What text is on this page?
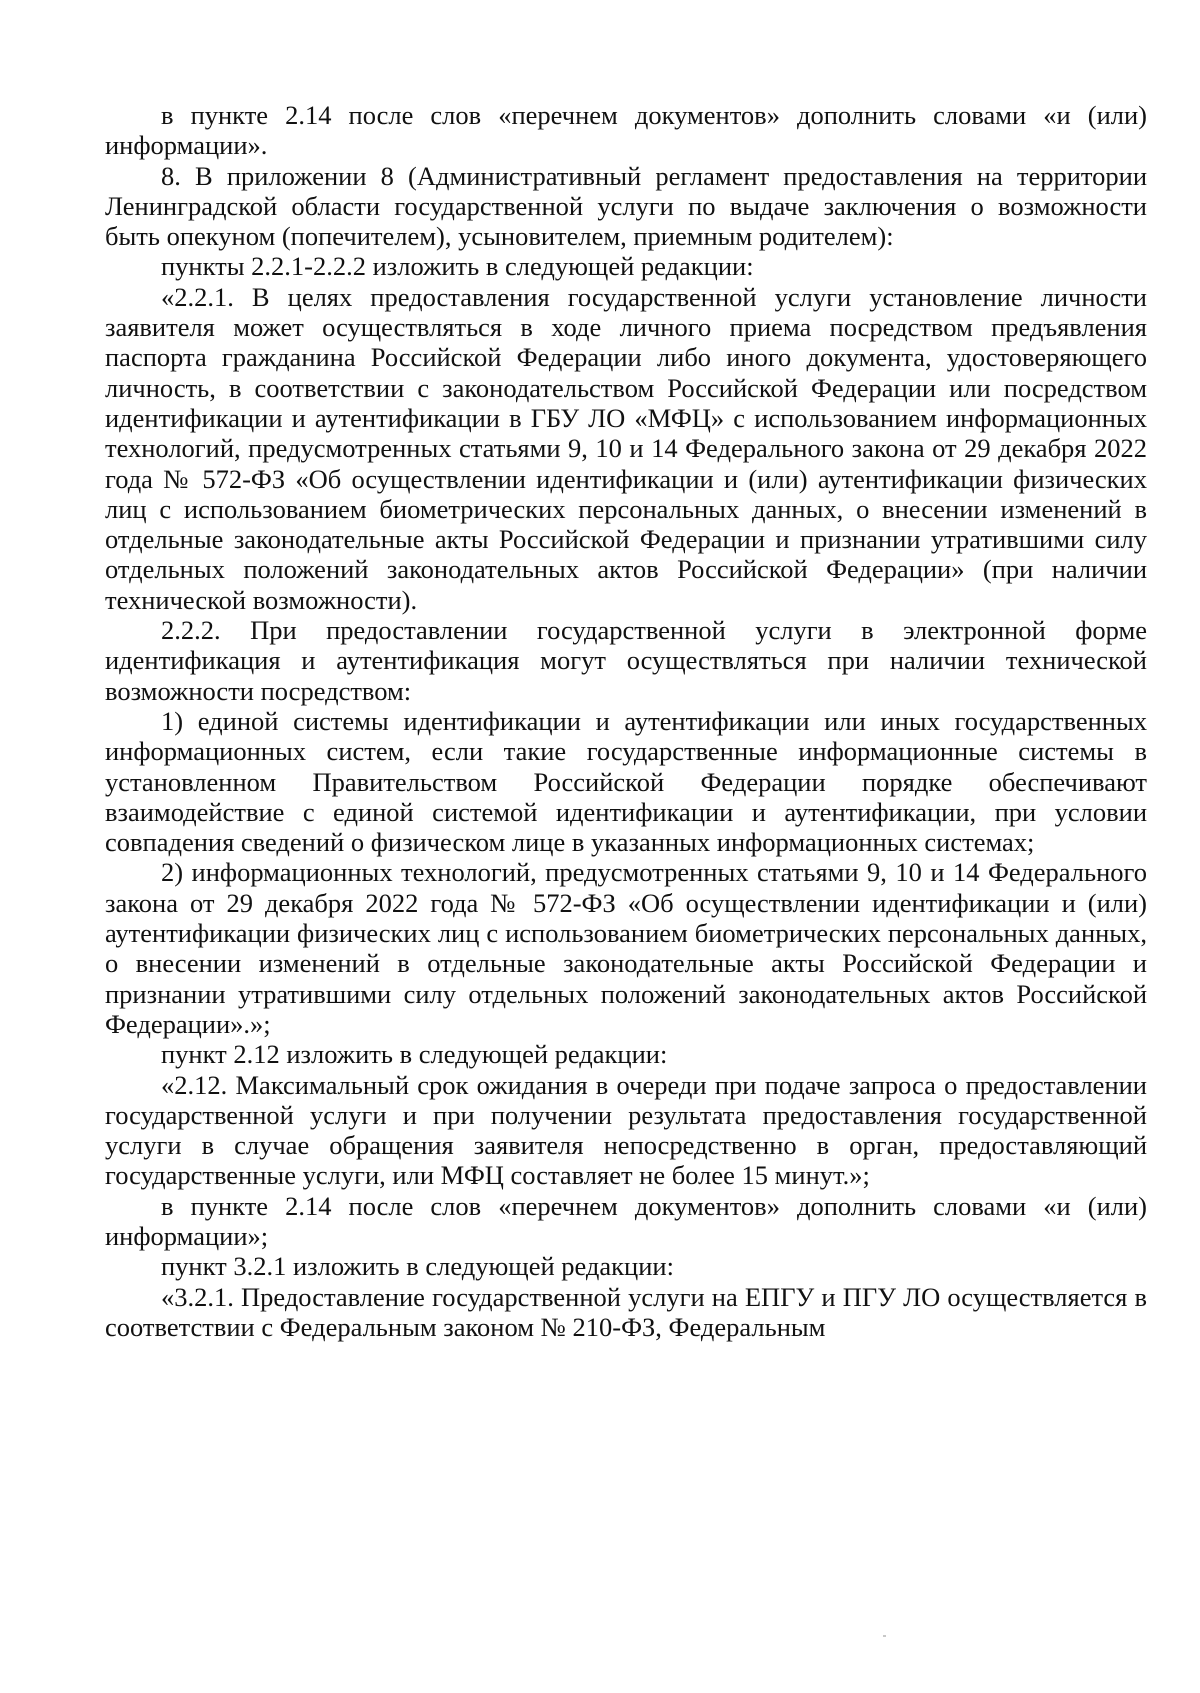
в пункте 2.14 после слов «перечнем документов» дополнить словами «и (или) информации».

8. В приложении 8 (Административный регламент предоставления на территории Ленинградской области государственной услуги по выдаче заключения о возможности быть опекуном (попечителем), усыновителем, приемным родителем):

пункты 2.2.1-2.2.2 изложить в следующей редакции:

«2.2.1. В целях предоставления государственной услуги установление личности заявителя может осуществляться в ходе личного приема посредством предъявления паспорта гражданина Российской Федерации либо иного документа, удостоверяющего личность, в соответствии с законодательством Российской Федерации или посредством идентификации и аутентификации в ГБУ ЛО «МФЦ» с использованием информационных технологий, предусмотренных статьями 9, 10 и 14 Федерального закона от 29 декабря 2022 года № 572-ФЗ «Об осуществлении идентификации и (или) аутентификации физических лиц с использованием биометрических персональных данных, о внесении изменений в отдельные законодательные акты Российской Федерации и признании утратившими силу отдельных положений законодательных актов Российской Федерации» (при наличии технической возможности).

2.2.2. При предоставлении государственной услуги в электронной форме идентификация и аутентификация могут осуществляться при наличии технической возможности посредством:

1) единой системы идентификации и аутентификации или иных государственных информационных систем, если такие государственные информационные системы в установленном Правительством Российской Федерации порядке обеспечивают взаимодействие с единой системой идентификации и аутентификации, при условии совпадения сведений о физическом лице в указанных информационных системах;

2) информационных технологий, предусмотренных статьями 9, 10 и 14 Федерального закона от 29 декабря 2022 года № 572-ФЗ «Об осуществлении идентификации и (или) аутентификации физических лиц с использованием биометрических персональных данных, о внесении изменений в отдельные законодательные акты Российской Федерации и признании утратившими силу отдельных положений законодательных актов Российской Федерации».»;

пункт 2.12 изложить в следующей редакции:

«2.12. Максимальный срок ожидания в очереди при подаче запроса о предоставлении государственной услуги и при получении результата предоставления государственной услуги в случае обращения заявителя непосредственно в орган, предоставляющий государственные услуги, или МФЦ составляет не более 15 минут.»;

в пункте 2.14 после слов «перечнем документов» дополнить словами «и (или) информации»;

пункт 3.2.1 изложить в следующей редакции:

«3.2.1. Предоставление государственной услуги на ЕПГУ и ПГУ ЛО осуществляется в соответствии с Федеральным законом № 210-ФЗ, Федеральным
